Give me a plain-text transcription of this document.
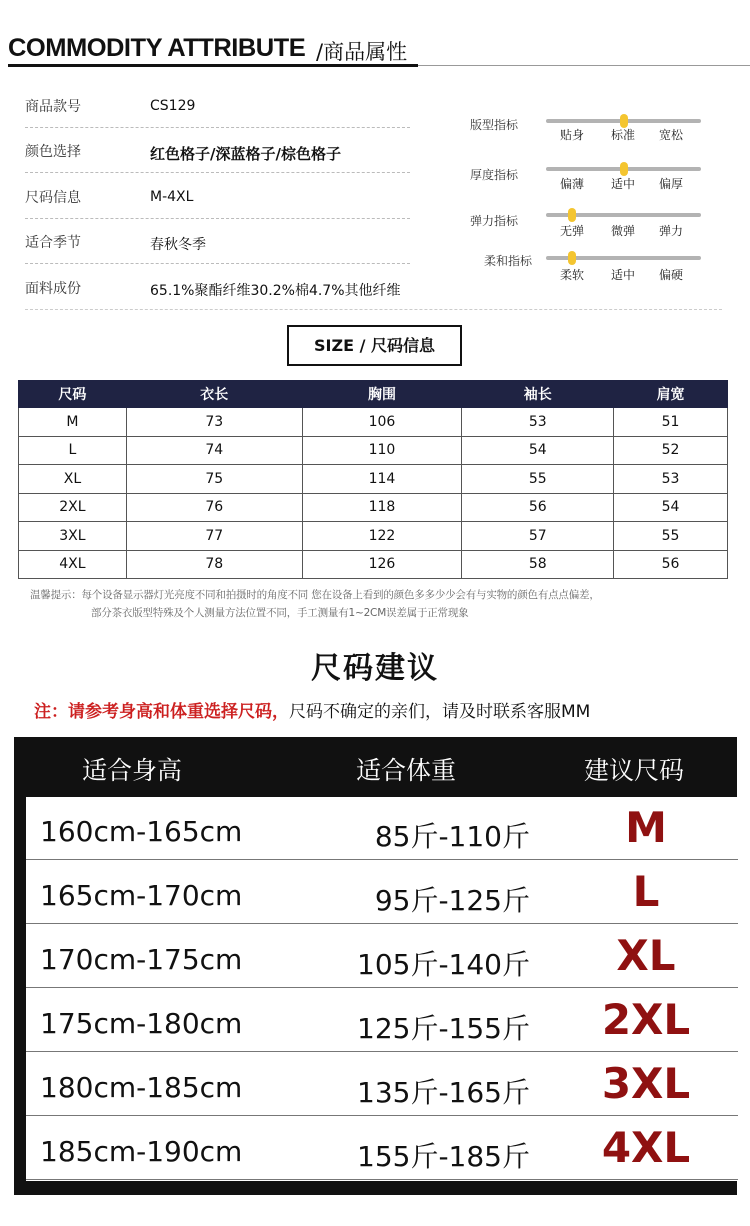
COMMODITY ATTRIBUTE /商品属性
商品款号	CS129
颜色选择	红色格子/深蓝格子/棕色格子
尺码信息	M-4XL
适合季节	春秋冬季
面料成份	65.1%聚酯纤维30.2%棉4.7%其他纤维
版型指标
贴身 标准 宽松
厚度指标
偏薄 适中 偏厚
弹力指标
无弹 微弹 弹力
柔和指标
柔软 适中 偏硬
SIZE / 尺码信息
尺码	衣长	胸围	袖长	肩宽
M	73	106	53	51
L	74	110	54	52
XL	75	114	55	53
2XL	76	118	56	54
3XL	77	122	57	55
4XL	78	126	58	56
温馨提示：每个设备显示器灯光亮度不同和拍摄时的角度不同 您在设备上看到的颜色多多少少会有与实物的颜色有点点偏差，
部分茶衣版型特殊及个人测量方法位置不同，手工测量有1~2CM误差属于正常现象
尺码建议
注：请参考身高和体重选择尺码，尺码不确定的亲们，请及时联系客服MM
适合身高	适合体重	建议尺码
160cm-165cm	85斤-110斤	M
165cm-170cm	95斤-125斤	L
170cm-175cm	105斤-140斤	XL
175cm-180cm	125斤-155斤	2XL
180cm-185cm	135斤-165斤	3XL
185cm-190cm	155斤-185斤	4XL
